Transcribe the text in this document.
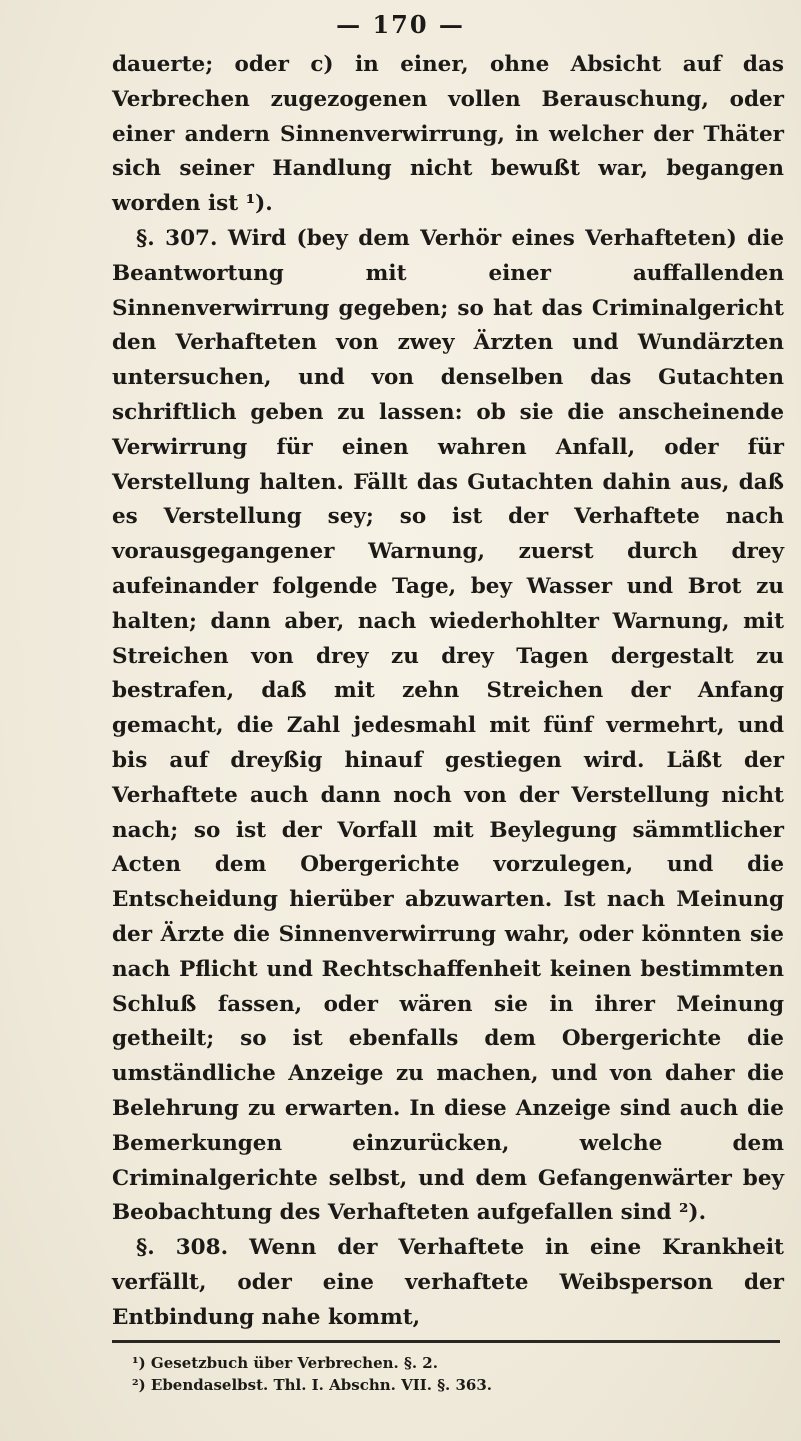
— 170 —

dauerte; oder c) in einer, ohne Absicht auf das Verbrechen zugezogenen vollen Berauschung, oder einer andern Sinnenverwirrung, in welcher der Thäter sich seiner Handlung nicht bewußt war, begangen worden ist ¹).

§. 307. Wird (bey dem Verhör eines Verhafteten) die Beantwortung mit einer auffallenden Sinnenverwirrung gegeben; so hat das Criminalgericht den Verhafteten von zwey Ärzten und Wundärzten untersuchen, und von denselben das Gutachten schriftlich geben zu lassen: ob sie die anscheinende Verwirrung für einen wahren Anfall, oder für Verstellung halten. Fällt das Gutachten dahin aus, daß es Verstellung sey; so ist der Verhaftete nach vorausgegangener Warnung, zuerst durch drey aufeinander folgende Tage, bey Wasser und Brot zu halten; dann aber, nach wiederhohlter Warnung, mit Streichen von drey zu drey Tagen dergestalt zu bestrafen, daß mit zehn Streichen der Anfang gemacht, die Zahl jedesmahl mit fünf vermehrt, und bis auf dreyßig hinauf gestiegen wird. Läßt der Verhaftete auch dann noch von der Verstellung nicht nach; so ist der Vorfall mit Beylegung sämmtlicher Acten dem Obergerichte vorzulegen, und die Entscheidung hierüber abzuwarten. Ist nach Meinung der Ärzte die Sinnenverwirrung wahr, oder könnten sie nach Pflicht und Rechtschaffenheit keinen bestimmten Schluß fassen, oder wären sie in ihrer Meinung getheilt; so ist ebenfalls dem Obergerichte die umständliche Anzeige zu machen, und von daher die Belehrung zu erwarten. In diese Anzeige sind auch die Bemerkungen einzurücken, welche dem Criminalgerichte selbst, und dem Gefangenwärter bey Beobachtung des Verhafteten aufgefallen sind ²).

§. 308. Wenn der Verhaftete in eine Krankheit verfällt, oder eine verhaftete Weibsperson der Entbindung nahe kommt,

¹) Gesetzbuch über Verbrechen. §. 2.
²) Ebendaselbst. Thl. I. Abschn. VII. §. 363.
